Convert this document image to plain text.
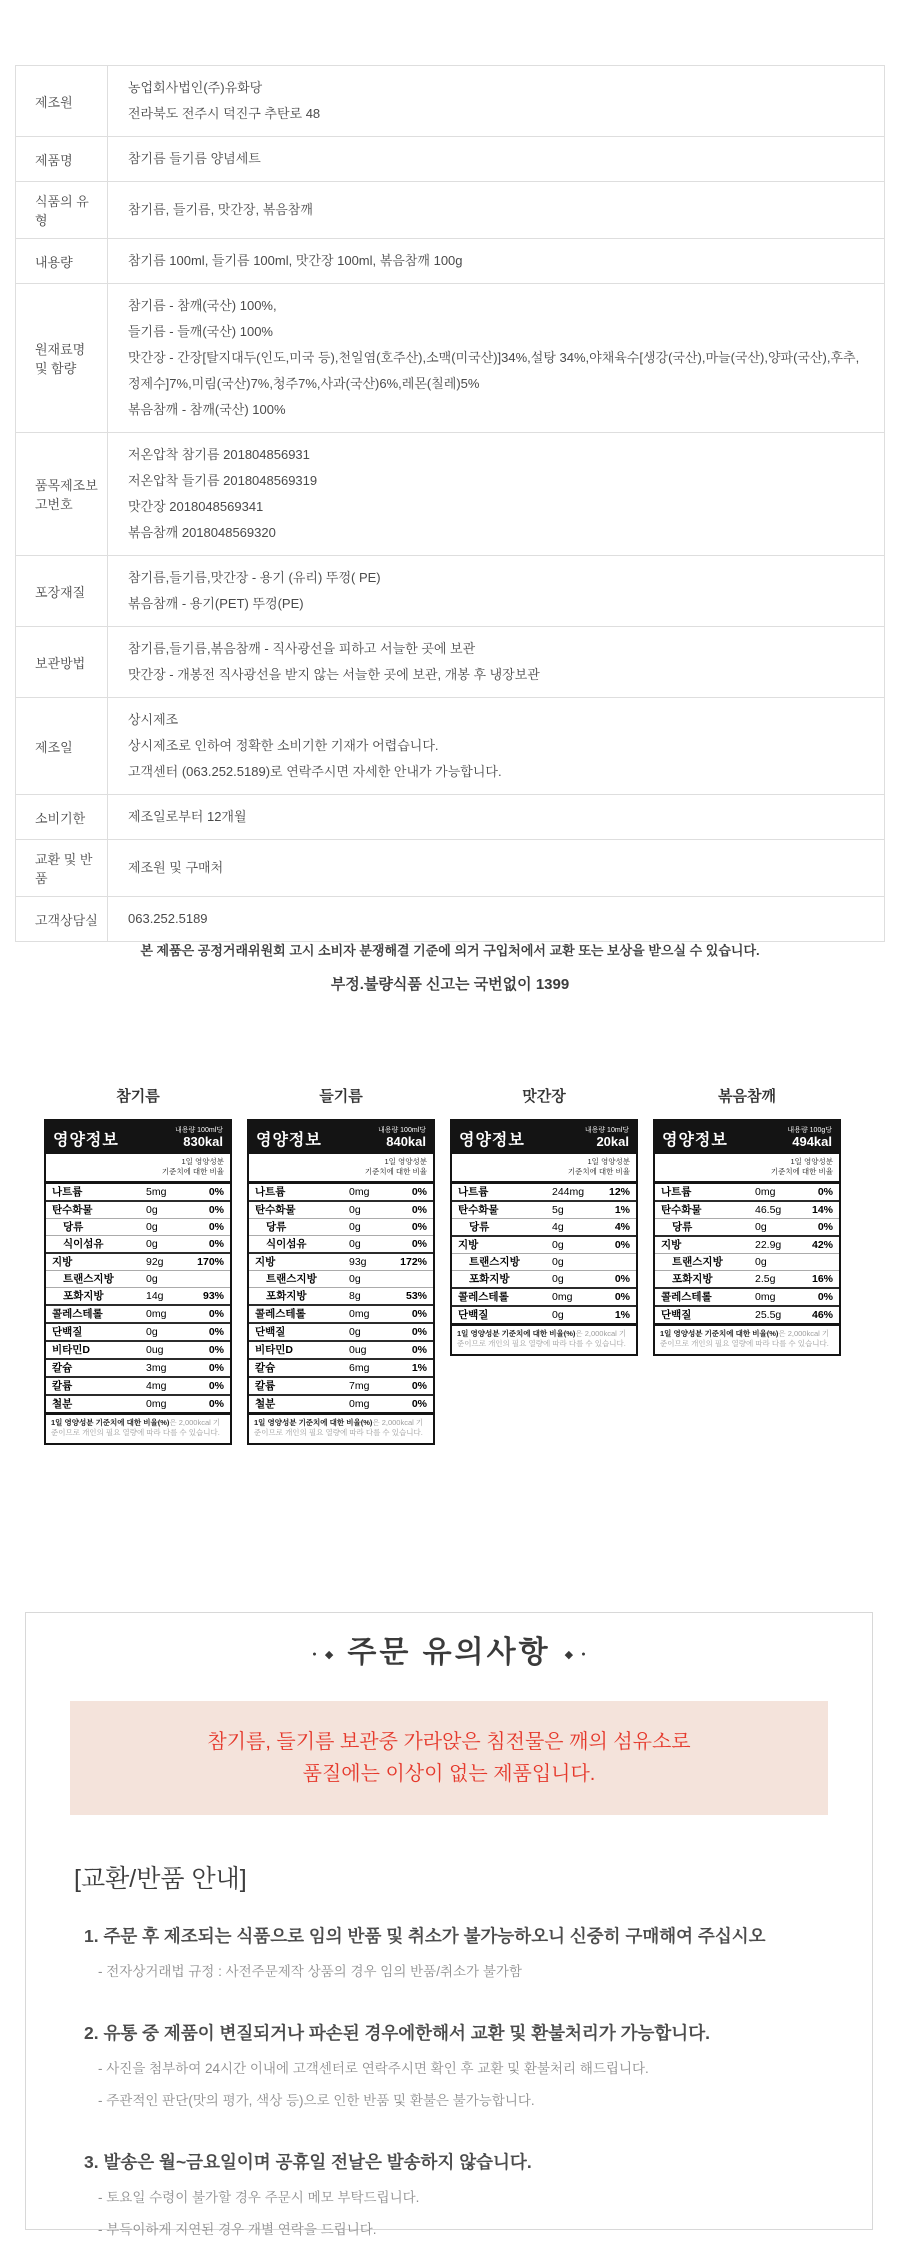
제조원	농업회사법인(주)유화당
전라북도 전주시 덕진구 추탄로 48

제품명	참기름 들기름 양념세트

식품의 유형	참기름, 들기름, 맛간장, 볶음참깨

내용량	참기름 100ml, 들기름 100ml, 맛간장 100ml, 볶음참깨 100g

원재료명 및 함량	참기름 - 참깨(국산) 100%,
들기름 - 들깨(국산) 100%
맛간장 - 간장[탈지대두(인도,미국 등),천일염(호주산),소맥(미국산)]34%,설탕 34%,야채육수[생강(국산),마늘(국산),양파(국산),후추,정제수]7%,미림(국산)7%,청주7%,사과(국산)6%,레몬(칠레)5%
볶음참깨 - 참깨(국산) 100%

품목제조보고번호	저온압착 참기름 201804856931
저온압착 들기름 2018048569319
맛간장 2018048569341
볶음참깨 2018048569320

포장재질	참기름,들기름,맛간장 - 용기 (유리) 뚜껑( PE)
볶음참깨 - 용기(PET) 뚜껑(PE)

보관방법	참기름,들기름,볶음참깨 - 직사광선을 피하고 서늘한 곳에 보관
맛간장 - 개봉전 직사광선을 받지 않는 서늘한 곳에 보관, 개봉 후 냉장보관

제조일	상시제조
상시제조로 인하여 정확한 소비기한 기재가 어렵습니다.
고객센터 (063.252.5189)로 연락주시면 자세한 안내가 가능합니다.

소비기한	제조일로부터 12개월

교환 및 반품	제조원 및 구매처

고객상담실	063.252.5189

본 제품은 공정거래위원회 고시 소비자 분쟁해결 기준에 의거 구입처에서 교환 또는 보상을 받으실 수 있습니다.

부정.불량식품 신고는 국번없이 1399

참기름
영양정보
내용량 100ml당
830kal
1일 영양성분
기준치에 대한 비율
나트륨	5mg	0%
탄수화물	0g	0%
당류	0g	0%
식이섬유	0g	0%
지방	92g	170%
트랜스지방	0g
포화지방	14g	93%
콜레스테롤	0mg	0%
단백질	0g	0%
비타민D	0ug	0%
칼슘	3mg	0%
칼륨	4mg	0%
철분	0mg	0%
1일 영양성분 기준치에 대한 비율(%)은 2,000kcal 기준이므로 개인의 필요 열량에 따라 다를 수 있습니다.
들기름
영양정보
내용량 100ml당
840kal
1일 영양성분
기준치에 대한 비율
나트륨	0mg	0%
탄수화물	0g	0%
당류	0g	0%
식이섬유	0g	0%
지방	93g	172%
트랜스지방	0g
포화지방	8g	53%
콜레스테롤	0mg	0%
단백질	0g	0%
비타민D	0ug	0%
칼슘	6mg	1%
칼륨	7mg	0%
철분	0mg	0%
1일 영양성분 기준치에 대한 비율(%)은 2,000kcal 기준이므로 개인의 필요 열량에 따라 다를 수 있습니다.
맛간장
영양정보
내용량 10ml당
20kal
1일 영양성분
기준치에 대한 비율
나트륨	244mg	12%
탄수화물	5g	1%
당류	4g	4%
지방	0g	0%
트랜스지방	0g
포화지방	0g	0%
콜레스테롤	0mg	0%
단백질	0g	1%
1일 영양성분 기준치에 대한 비율(%)은 2,000kcal 기준이므로 개인의 필요 열량에 따라 다를 수 있습니다.
볶음참깨
영양정보
내용량 100g당
494kal
1일 영양성분
기준치에 대한 비율
나트륨	0mg	0%
탄수화물	46.5g	14%
당류	0g	0%
지방	22.9g	42%
트랜스지방	0g
포화지방	2.5g	16%
콜레스테롤	0mg	0%
단백질	25.5g	46%
1일 영양성분 기준치에 대한 비율(%)은 2,000kcal 기준이므로 개인의 필요 열량에 따라 다를 수 있습니다.
● ◆ 주문 유의사항 ◆ ●
참기름, 들기름 보관중 가라앉은 침전물은 깨의 섬유소로
품질에는 이상이 없는 제품입니다.
[교환/반품 안내]
1. 주문 후 제조되는 식품으로 임의 반품 및 취소가 불가능하오니 신중히 구매해여 주십시오
- 전자상거래법 규정 : 사전주문제작 상품의 경우 임의 반품/취소가 불가함
2. 유통 중 제품이 변질되거나 파손된 경우에한해서 교환 및 환불처리가 가능합니다.
- 사진을 첨부하여 24시간 이내에 고객센터로 연락주시면 확인 후 교환 및 환불처리 해드립니다.
- 주관적인 판단(맛의 평가, 색상 등)으로 인한 반품 및 환불은 불가능합니다.
3. 발송은 월~금요일이며 공휴일 전날은 발송하지 않습니다.
- 토요일 수령이 불가할 경우 주문시 메모 부탁드립니다.
- 부득이하게 지연된 경우 개별 연락을 드립니다.
